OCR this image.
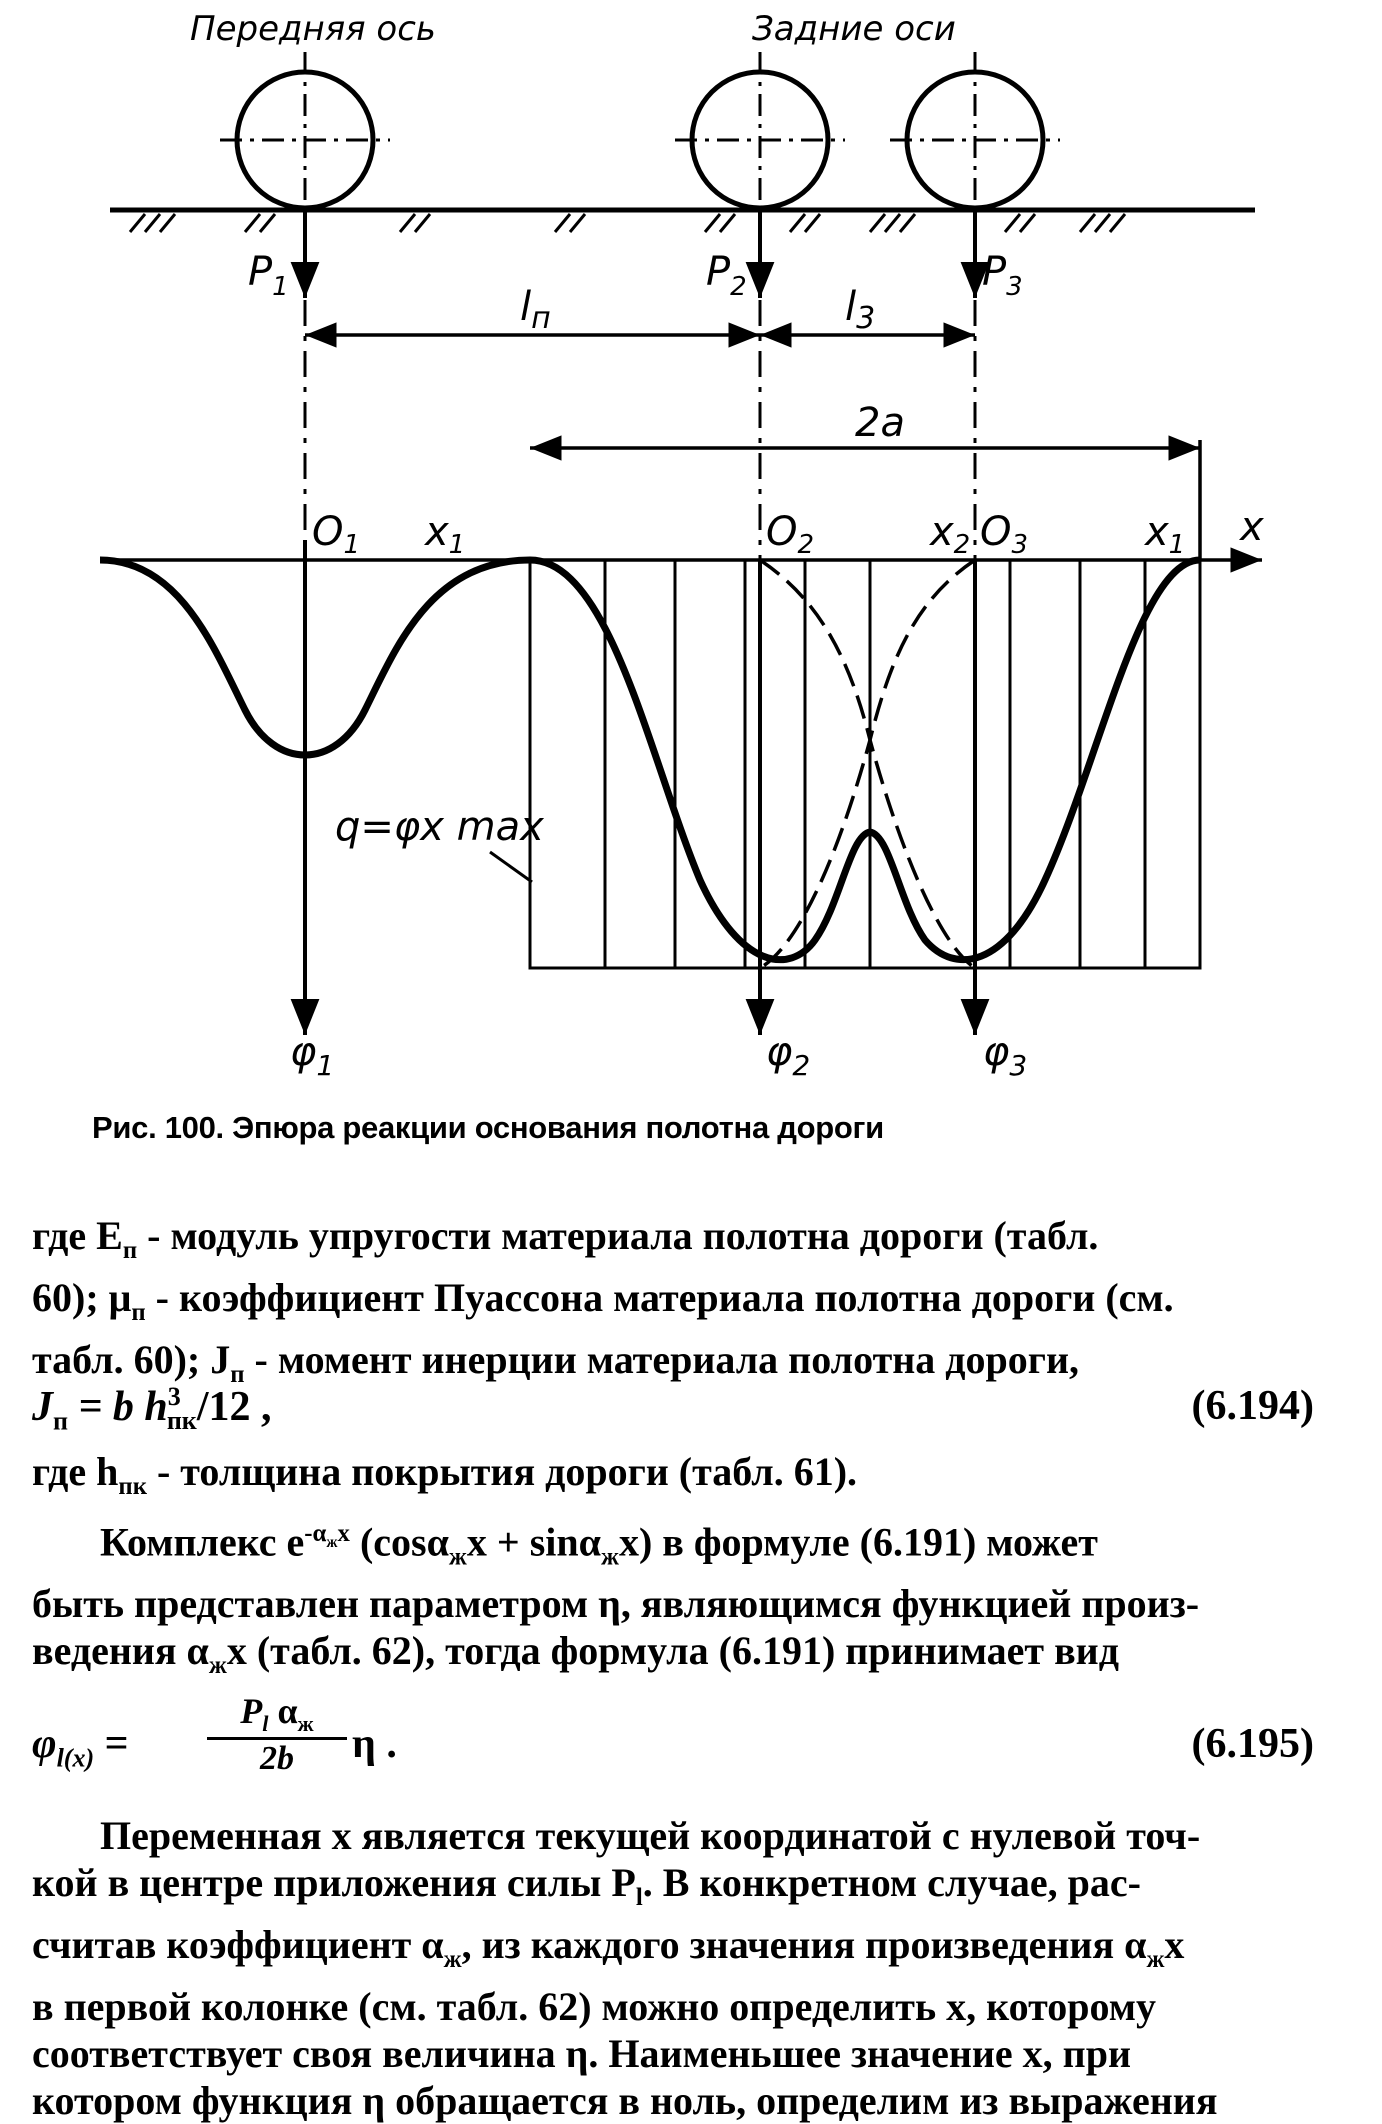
Передняя ось	Задние оси
$P_1$	$P_2$	$P_3$
$l_п$	$l_3$
2a
$O_1$ $x_1$	$O_2$	$x_2$ $O_3$	$x_1$ x
q=φx max
$\varphi_1$	$\varphi_2$	$\varphi_3$
Рис. 100. Эпюра реакции основания полотна дороги
где $E_п$ - модуль упругости материала полотна дороги (табл.
60); $\mu_п$ - коэффициент Пуассона материала полотна дороги (см.
табл. 60); $J_п$ - момент инерции материала полотна дороги,
$J_п = b$ $h^3_{пк}/12$ ,	(6.194)
где $h_{пк}$ - толщина покрытия дороги (табл. 61).
Комплекс $e^{-\alpha_жx}$ (cosα$_ж$x + sinα$_ж$x) в формуле (6.191) может
быть представлен параметром η, являющимся функцией произ-
ведения $\alpha_жx$ (табл. 62), тогда формула (6.191) принимает вид
$\varphi_{l(x)}$ =
$P_l$ $\alpha_ж$
2b	η .	(6.195)
Переменная x является текущей координатой с нулевой точ-
кой в центре приложения силы $P_l$. В конкретном случае, рас-
считав коэффициент $\alpha_ж$, из каждого значения произведения $\alpha_жx$
в первой колонке (см. табл. 62) можно определить x, которому
соответствует своя величина η. Наименьшее значение x, при
котором функция η обращается в ноль, определим из выражения
